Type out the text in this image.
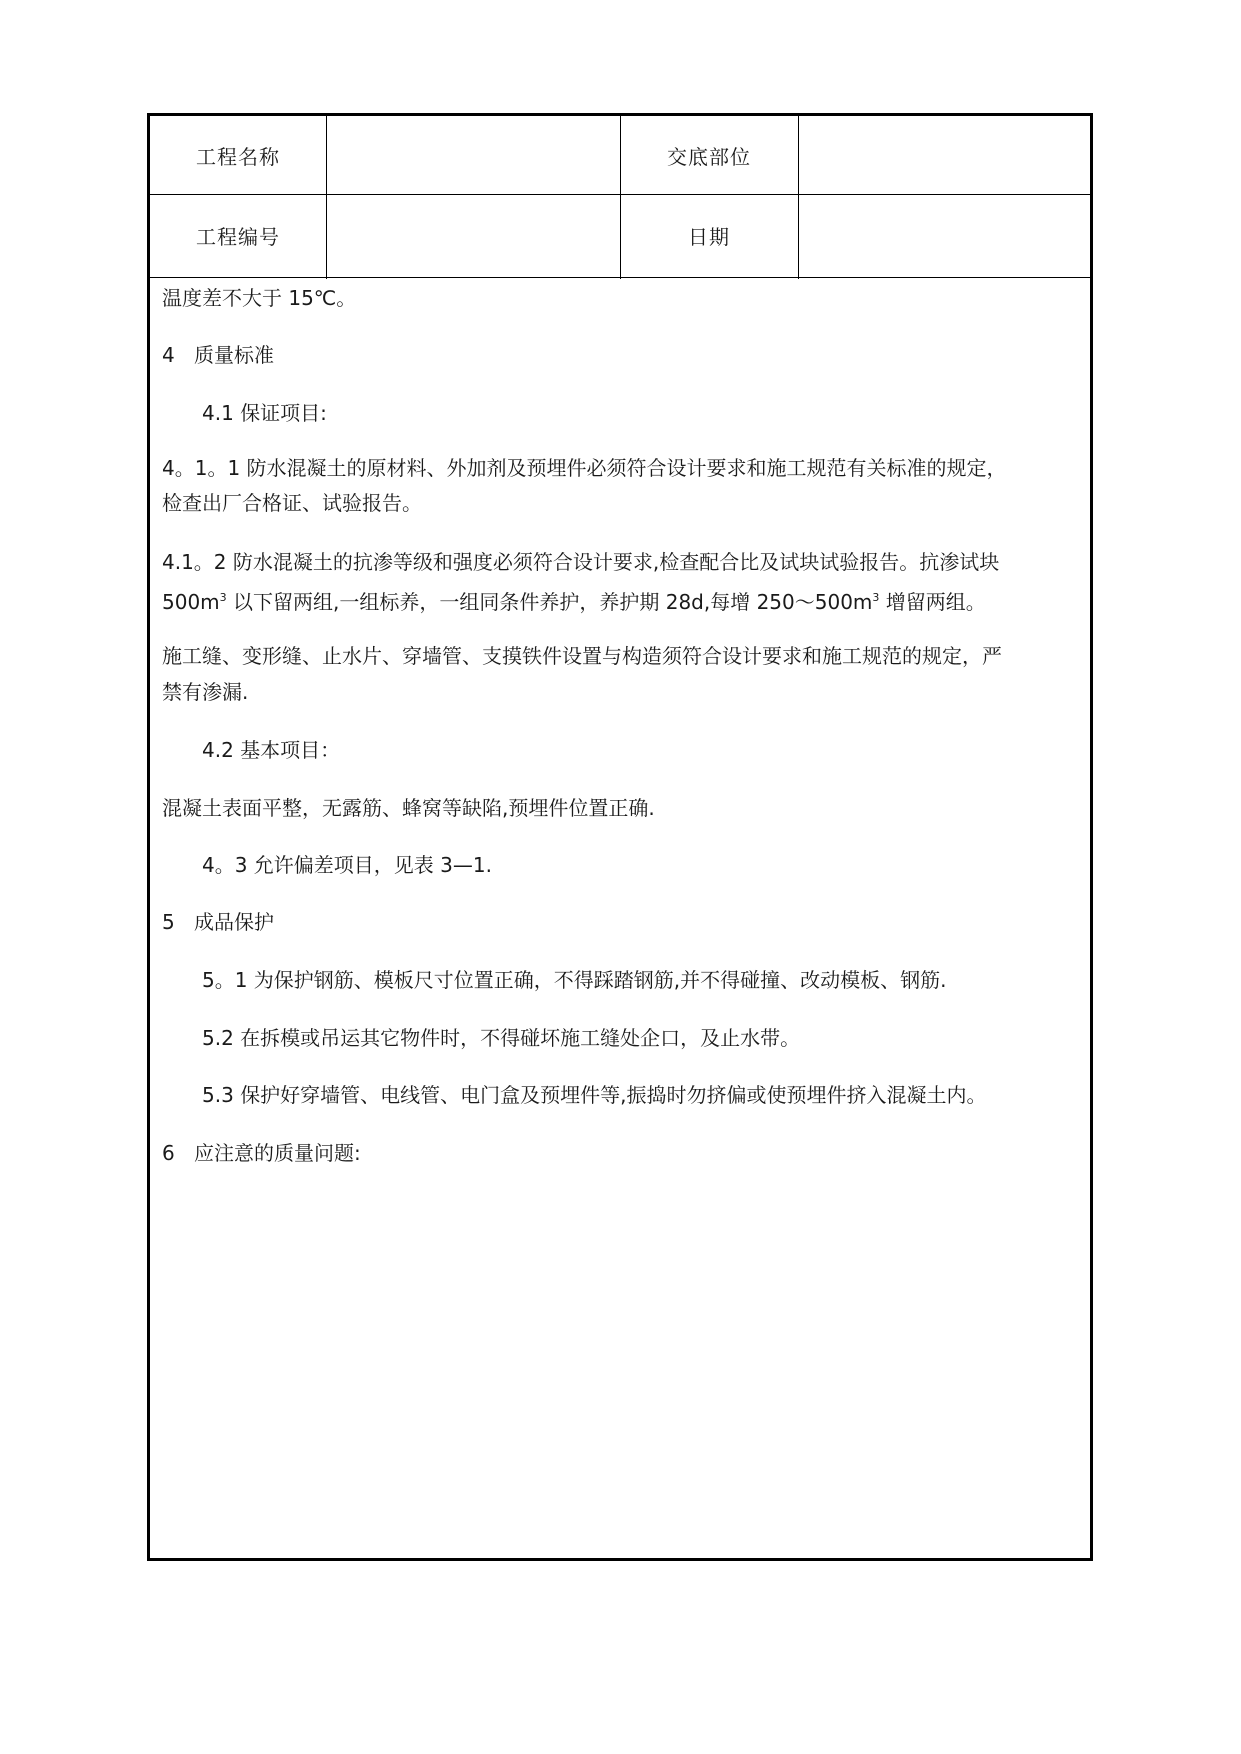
工程名称	交底部位
工程编号	日期
温度差不大于 15℃。
4 质量标准
4.1 保证项目:
4。1。1 防水混凝土的原材料、外加剂及预埋件必须符合设计要求和施工规范有关标准的规定，
检查出厂合格证、试验报告。
4.1。2 防水混凝土的抗渗等级和强度必须符合设计要求,检查配合比及试块试验报告。抗渗试块
$500m^3$ 以下留两组,一组标养，一组同条件养护，养护期 28d,每增 $250\sim 500m^3$ 增留两组。
施工缝、变形缝、止水片、穿墙管、支摸铁件设置与构造须符合设计要求和施工规范的规定，严
禁有渗漏.
4.2 基本项目：
混凝土表面平整，无露筋、蜂窝等缺陷,预埋件位置正确.
4。3 允许偏差项目，见表 3—1.
5 成品保护
5。1 为保护钢筋、模板尺寸位置正确，不得踩踏钢筋,并不得碰撞、改动模板、钢筋.
5.2 在拆模或吊运其它物件时，不得碰坏施工缝处企口，及止水带。
5.3 保护好穿墙管、电线管、电门盒及预埋件等,振捣时勿挤偏或使预埋件挤入混凝土内。
6 应注意的质量问题:
